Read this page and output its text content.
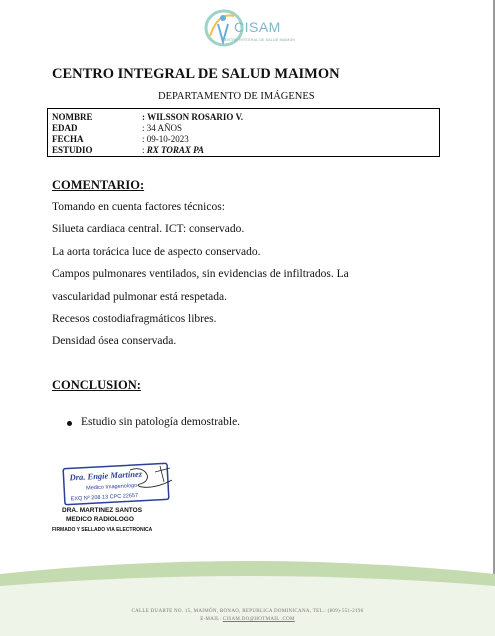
CISAM
CENTRO INTEGRAL DE SALUD MAIMON
CENTRO INTEGRAL DE SALUD MAIMON
DEPARTAMENTO DE IMÁGENES
NOMBRE	: WILSSON ROSARIO V.
EDAD	: 34 AÑOS
FECHA	: 09-10-2023
ESTUDIO	: RX TORAX PA
COMENTARIO:
Tomando en cuenta factores técnicos:
Silueta cardiaca central. ICT: conservado.
La aorta torácica luce de aspecto conservado.
Campos pulmonares ventilados, sin evidencias de infiltrados. La
vascularidad pulmonar está respetada.
Recesos costodiafragmáticos libres.
Densidad ósea conservada.
CONCLUSION:
Estudio sin patología demostrable.
Dra. Engie Martinez
Medico Imagenologo
EXQ Nº 208 13 CPC 22657
DRA. MARTINEZ SANTOS
MEDICO RADIOLOGO
FIRMADO Y SELLADO VIA ELECTRONICA
CALLE DUARTE NO. 15, MAIMÓN, BONAO, REPUBLICA DOMINICANA, TEL.: (809)-551-2196
E-MAIL: CISAM.DO@HOTMAIL .COM
